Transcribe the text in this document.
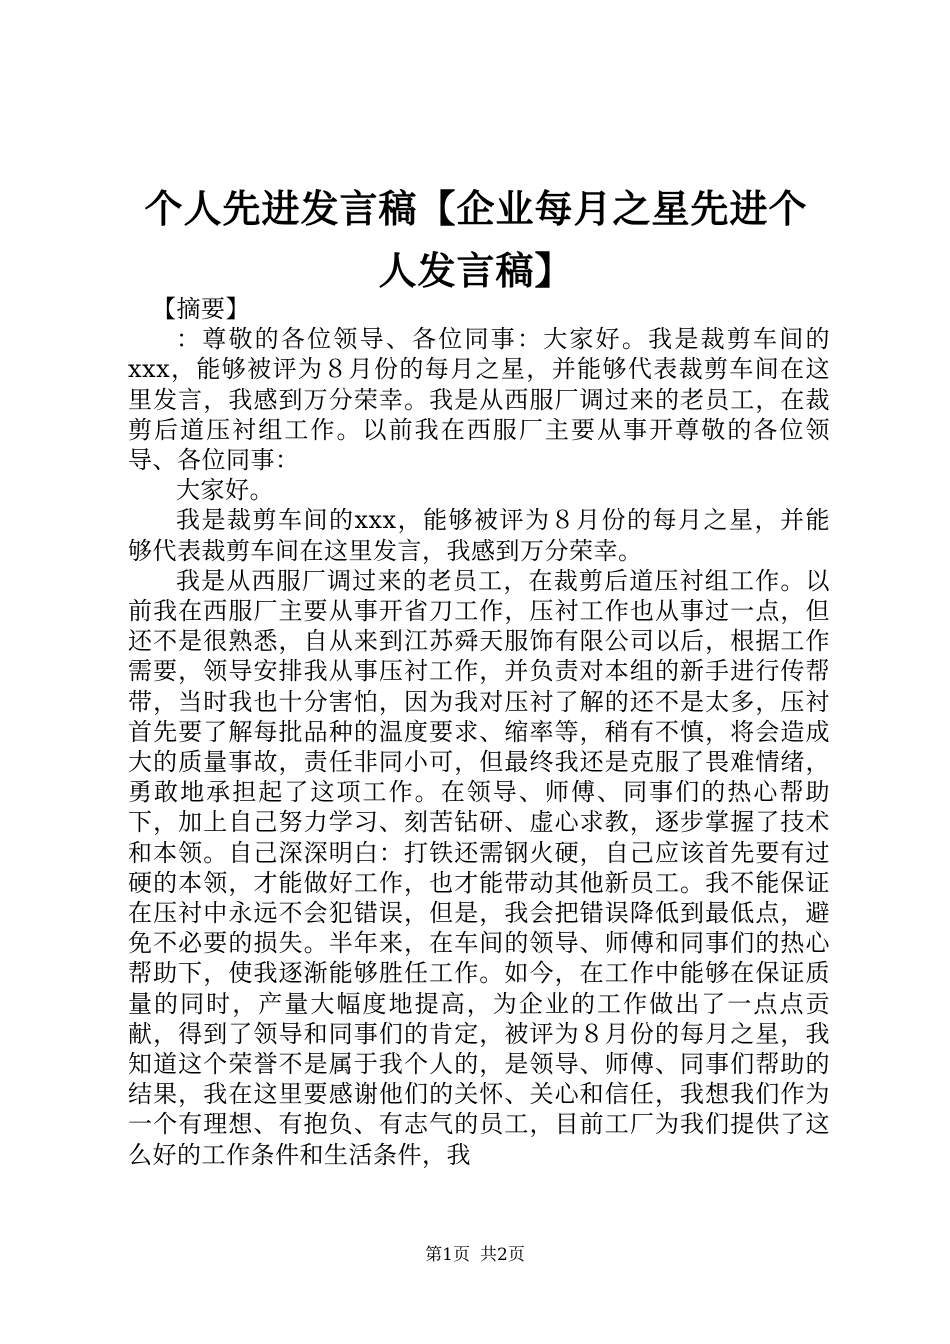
个人先进发言稿【企业每月之星先进个人发言稿】

【摘要】

：尊敬的各位领导、各位同事：大家好。我是裁剪车间的xxx，能够被评为８月份的每月之星，并能够代表裁剪车间在这里发言，我感到万分荣幸。我是从西服厂调过来的老员工，在裁剪后道压衬组工作。以前我在西服厂主要从事开尊敬的各位领导、各位同事：

大家好。

我是裁剪车间的xxx，能够被评为８月份的每月之星，并能够代表裁剪车间在这里发言，我感到万分荣幸。

我是从西服厂调过来的老员工，在裁剪后道压衬组工作。以前我在西服厂主要从事开省刀工作，压衬工作也从事过一点，但还不是很熟悉，自从来到江苏舜天服饰有限公司以后，根据工作需要，领导安排我从事压衬工作，并负责对本组的新手进行传帮带，当时我也十分害怕，因为我对压衬了解的还不是太多，压衬首先要了解每批品种的温度要求、缩率等，稍有不慎，将会造成大的质量事故，责任非同小可，但最终我还是克服了畏难情绪，勇敢地承担起了这项工作。在领导、师傅、同事们的热心帮助下，加上自己努力学习、刻苦钻研、虚心求教，逐步掌握了技术和本领。自己深深明白：打铁还需钢火硬，自己应该首先要有过硬的本领，才能做好工作，也才能带动其他新员工。我不能保证在压衬中永远不会犯错误，但是，我会把错误降低到最低点，避免不必要的损失。半年来，在车间的领导、师傅和同事们的热心帮助下，使我逐渐能够胜任工作。如今，在工作中能够在保证质量的同时，产量大幅度地提高，为企业的工作做出了一点点贡献，得到了领导和同事们的肯定，被评为８月份的每月之星，我知道这个荣誉不是属于我个人的，是领导、师傅、同事们帮助的结果，我在这里要感谢他们的关怀、关心和信任，我想我们作为一个有理想、有抱负、有志气的员工，目前工厂为我们提供了这么好的工作条件和生活条件，我

第1页 共2页
